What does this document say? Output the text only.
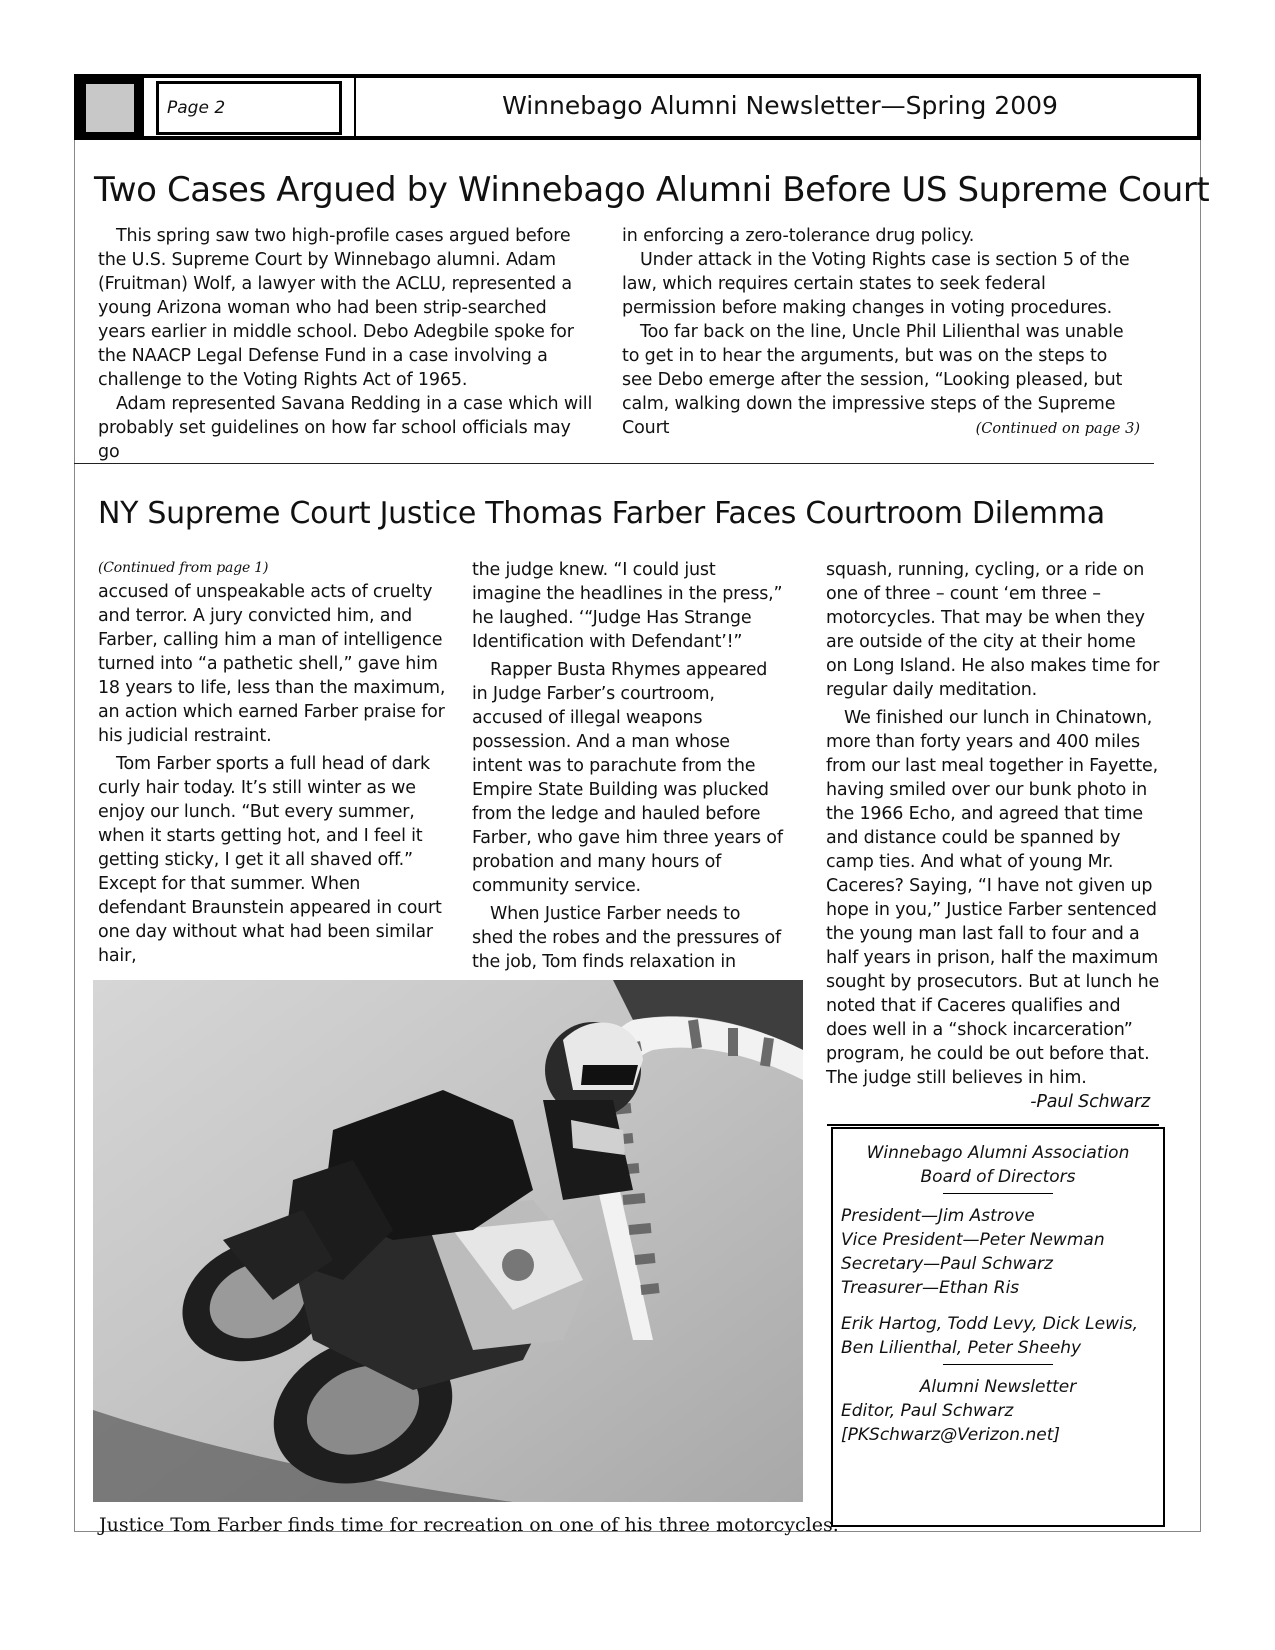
Page 2	Winnebago Alumni Newsletter—Spring 2009
Two Cases Argued by Winnebago Alumni Before US Supreme Court

This spring saw two high-profile cases argued before the U.S. Supreme Court by Winnebago alumni. Adam (Fruitman) Wolf, a lawyer with the ACLU, represented a young Arizona woman who had been strip-searched years earlier in middle school. Debo Adegbile spoke for the NAACP Legal Defense Fund in a case involving a challenge to the Voting Rights Act of 1965.

Adam represented Savana Redding in a case which will probably set guidelines on how far school officials may go

in enforcing a zero-tolerance drug policy.

Under attack in the Voting Rights case is section 5 of the law, which requires certain states to seek federal permission before making changes in voting procedures.

Too far back on the line, Uncle Phil Lilienthal was unable to get in to hear the arguments, but was on the steps to see Debo emerge after the session, “Looking pleased, but calm, walking down the impressive steps of the Supreme Court	(Continued on page 3)
NY Supreme Court Justice Thomas Farber Faces Courtroom Dilemma
(Continued from page 1)

accused of unspeakable acts of cruelty and terror. A jury convicted him, and Farber, calling him a man of intelligence turned into “a pathetic shell,” gave him 18 years to life, less than the maximum, an action which earned Farber praise for his judicial restraint.

Tom Farber sports a full head of dark curly hair today. It’s still winter as we enjoy our lunch. “But every summer, when it starts getting hot, and I feel it getting sticky, I get it all shaved off.” Except for that summer. When defendant Braunstein appeared in court one day without what had been similar hair,

the judge knew. “I could just imagine the headlines in the press,” he laughed. ‘“Judge Has Strange Identification with Defendant’!”

Rapper Busta Rhymes appeared in Judge Farber’s courtroom, accused of illegal weapons possession. And a man whose intent was to parachute from the Empire State Building was plucked from the ledge and hauled before Farber, who gave him three years of probation and many hours of community service.

When Justice Farber needs to shed the robes and the pressures of the job, Tom finds relaxation in

squash, running, cycling, or a ride on one of three – count ‘em three – motorcycles. That may be when they are outside of the city at their home on Long Island. He also makes time for regular daily meditation.

We finished our lunch in Chinatown, more than forty years and 400 miles from our last meal together in Fayette, having smiled over our bunk photo in the 1966 Echo, and agreed that time and distance could be spanned by camp ties. And what of young Mr. Caceres? Saying, “I have not given up hope in you,” Justice Farber sentenced the young man last fall to four and a half years in prison, half the maximum sought by prosecutors. But at lunch he noted that if Caceres qualifies and does well in a “shock incarceration” program, he could be out before that. The judge still believes in him.
-Paul Schwarz

Justice Tom Farber finds time for recreation on one of his three motorcycles.
Winnebago Alumni Association
Board of Directors
President—Jim Astrove
Vice President—Peter Newman
Secretary—Paul Schwarz
Treasurer—Ethan Ris
Erik Hartog, Todd Levy, Dick Lewis,
Ben Lilienthal, Peter Sheehy
Alumni Newsletter
Editor, Paul Schwarz
[PKSchwarz@Verizon.net]
